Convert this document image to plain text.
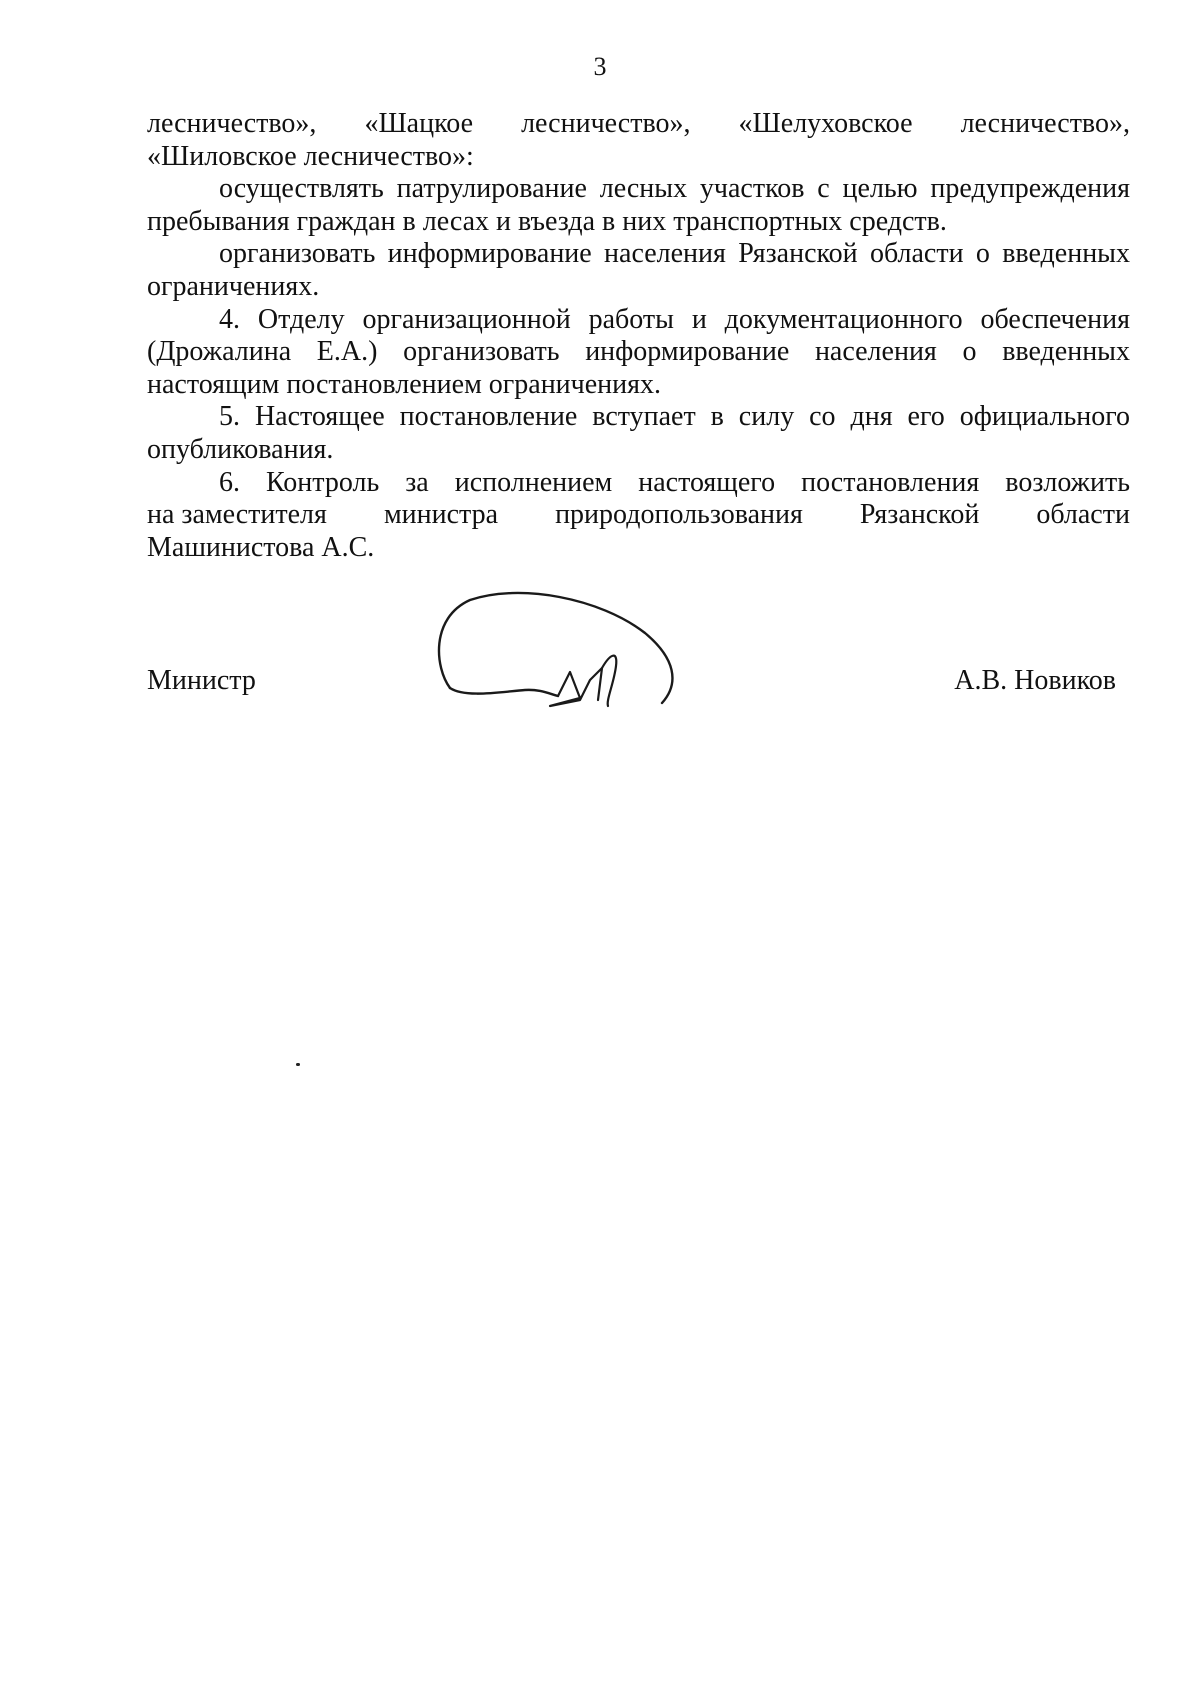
3
лесничество», «Шацкое лесничество», «Шелуховское лесничество»,

«Шиловское лесничество»:

осуществлять патрулирование лесных участков с целью предупреждения пребывания граждан в лесах и въезда в них транспортных средств.

организовать информирование населения Рязанской области о введенных ограничениях.

4. Отделу организационной работы и документационного обеспечения (Дрожалина Е.А.) организовать информирование населения о введенных настоящим постановлением ограничениях.

5. Настоящее постановление вступает в силу со дня его официального опубликования.

6. Контроль за исполнением настоящего постановления возложить
на заместителя министра природопользования Рязанской области

Машинистова А.С.

Министр	А.В. Новиков
